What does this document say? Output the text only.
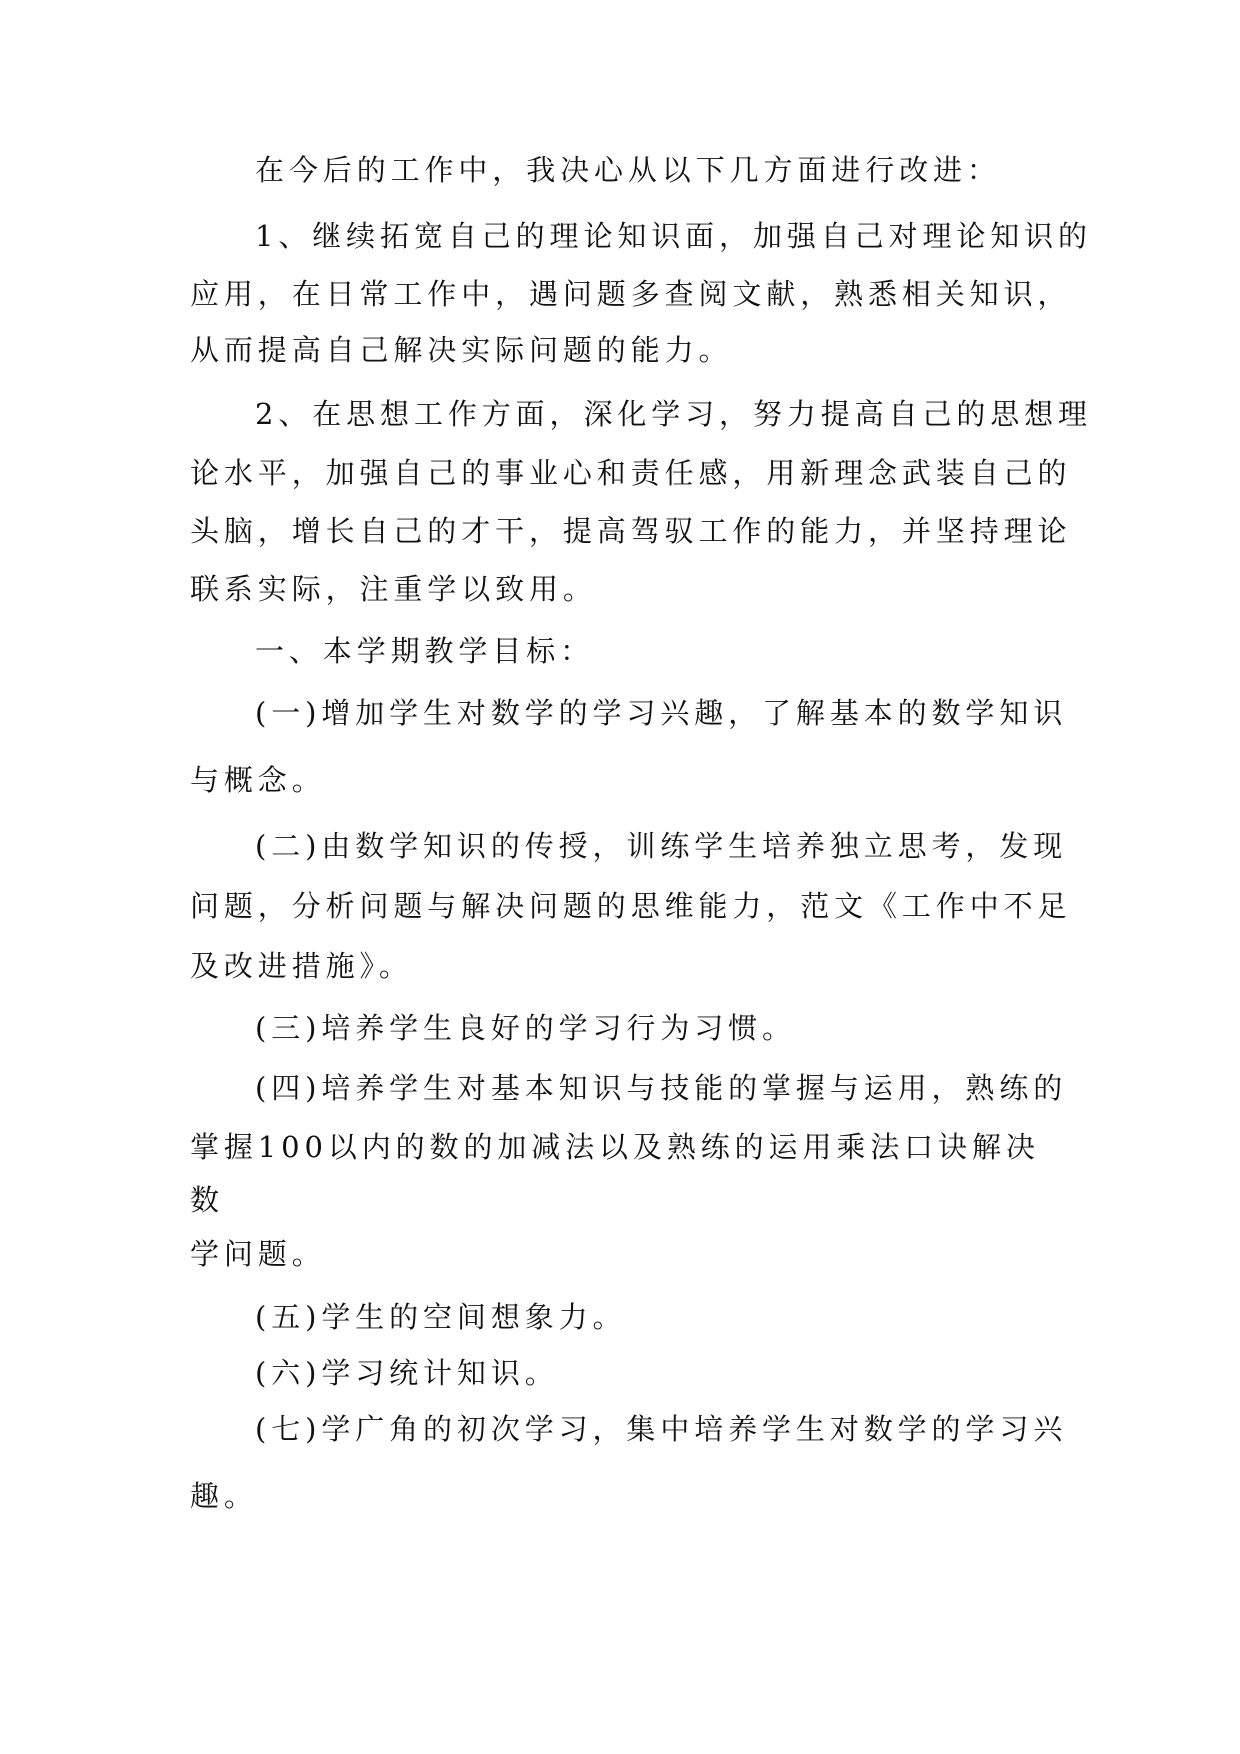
在今后的工作中，我决心从以下几方面进行改进：
1、继续拓宽自己的理论知识面，加强自己对理论知识的
应用，在日常工作中，遇问题多查阅文献，熟悉相关知识，
从而提高自己解决实际问题的能力。
2、在思想工作方面，深化学习，努力提高自己的思想理
论水平，加强自己的事业心和责任感，用新理念武装自己的
头脑，增长自己的才干，提高驾驭工作的能力，并坚持理论
联系实际，注重学以致用。
一、本学期教学目标：
(一)增加学生对数学的学习兴趣，了解基本的数学知识
与概念。
(二)由数学知识的传授，训练学生培养独立思考，发现
问题，分析问题与解决问题的思维能力，范文《工作中不足
及改进措施》。
(三)培养学生良好的学习行为习惯。
(四)培养学生对基本知识与技能的掌握与运用，熟练的
掌握100以内的数的加减法以及熟练的运用乘法口诀解决
数
学问题。
(五)学生的空间想象力。
(六)学习统计知识。
(七)学广角的初次学习，集中培养学生对数学的学习兴
趣。
